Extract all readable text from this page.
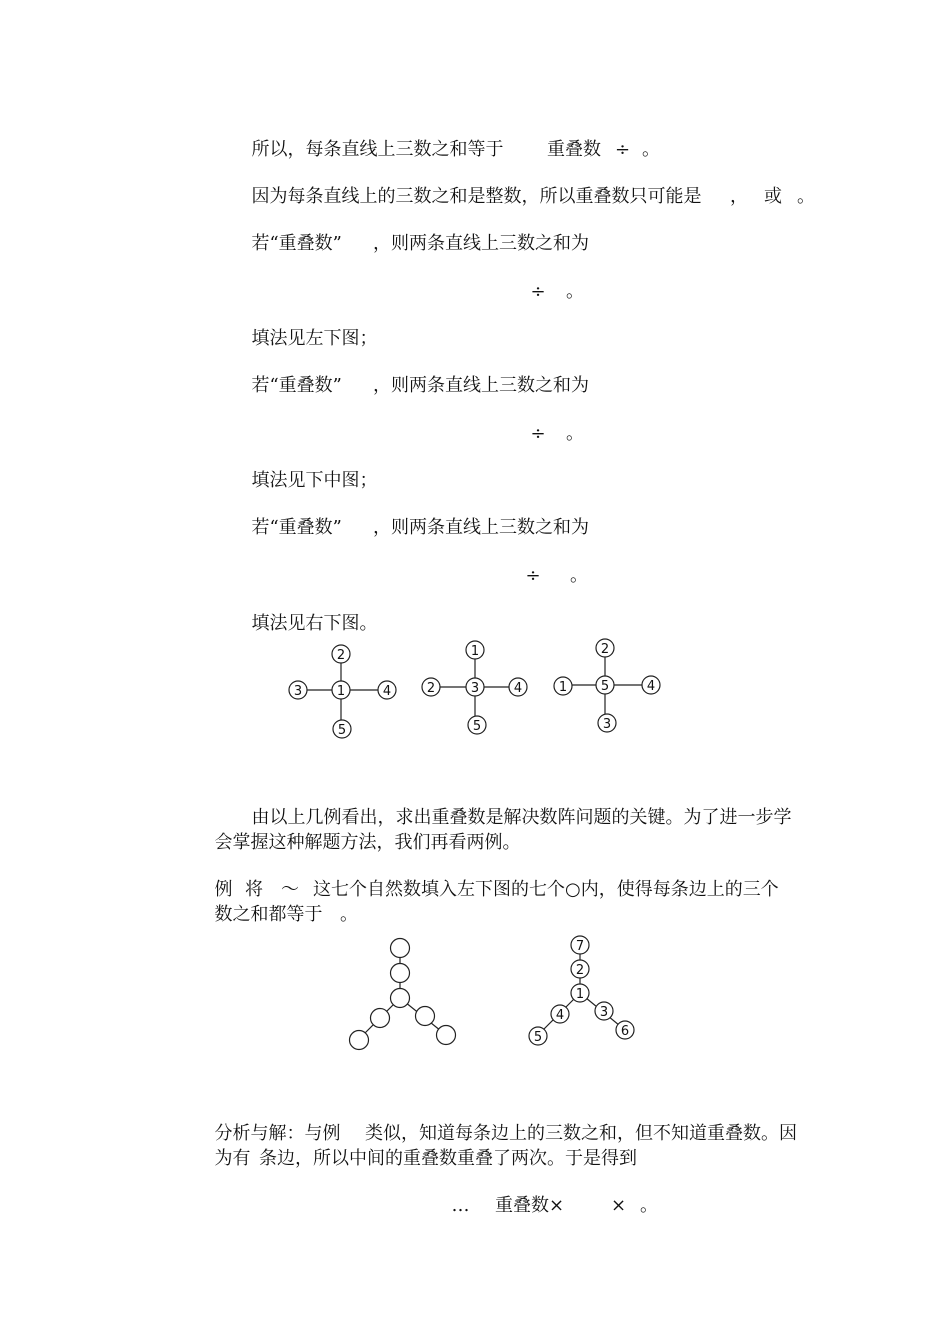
所以，每条直线上三数之和等于 重叠数 ÷ 。

因为每条直线上的三数之和是整数，所以重叠数只可能是 ， 或 。

若“重叠数” ，则两条直线上三数之和为

÷ 。

填法见左下图；

若“重叠数” ，则两条直线上三数之和为

÷ 。

填法见下中图；

若“重叠数” ，则两条直线上三数之和为

÷ 。

填法见右下图。

由以上几例看出，求出重叠数是解决数阵问题的关键。为了进一步学

会掌握这种解题方法，我们再看两例。

例 将 ～ 这七个自然数填入左下图的七个○内，使得每条边上的三个

数之和都等于 。

分析与解：与例 类似，知道每条边上的三数之和，但不知道重叠数。因

为有 条边，所以中间的重叠数重叠了两次。于是得到

… 重叠数×	× 。

2
3	1	4
5
1
2	3	4
5
2
1	5	4
3
7
2
1
4
5
3
6
